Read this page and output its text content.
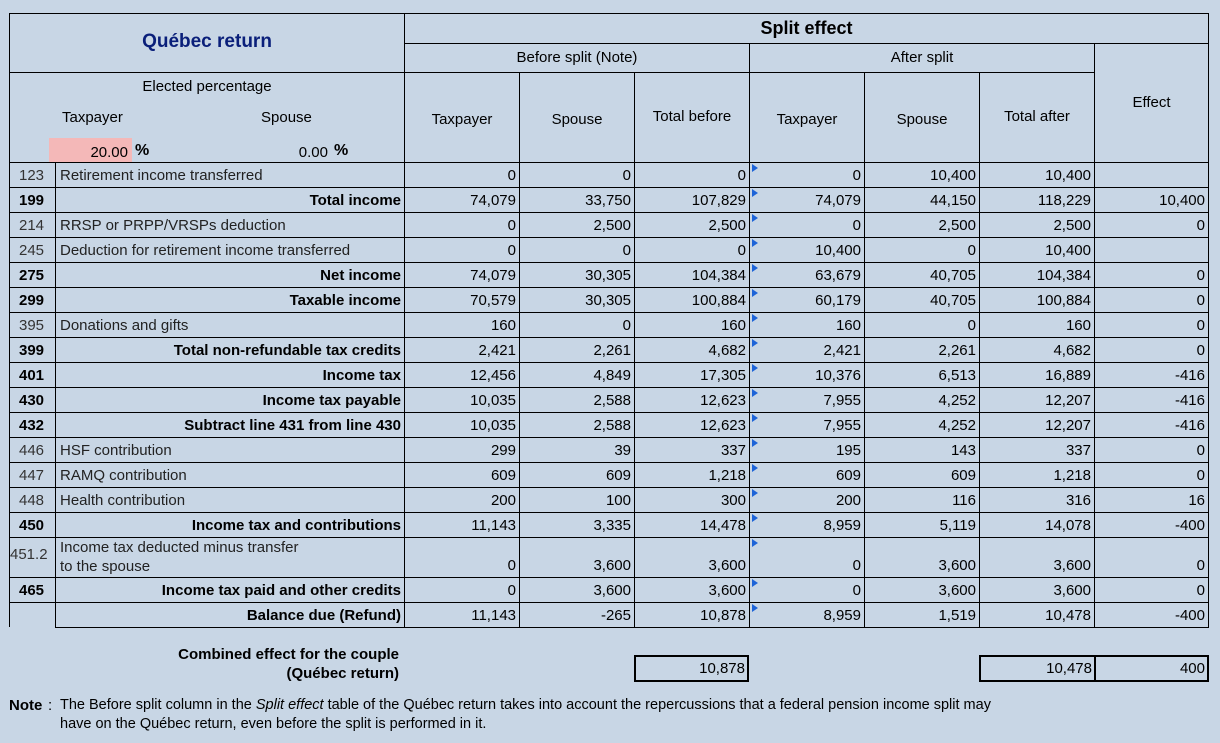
Québec return
Split effect
Before split (Note)	After split
Elected percentage
Taxpayer	Spouse
20.00 %	0.00 %
Taxpayer	Spouse	Total before	Taxpayer	Spouse	Total after
Effect
123 Retirement income transferred	0	0	0	0	10,400	10,400
199	Total income	74,079	33,750	107,829	74,079	44,150	118,229	10,400
214 RRSP or PRPP/VRSPs deduction	0	2,500	2,500	0	2,500	2,500	0
245 Deduction for retirement income transferred	0	0	0	10,400	0	10,400
275	Net income	74,079	30,305	104,384	63,679	40,705	104,384	0
299	Taxable income	70,579	30,305	100,884	60,179	40,705	100,884	0
395 Donations and gifts	160	0	160	160	0	160	0
399	Total non-refundable tax credits	2,421	2,261	4,682	2,421	2,261	4,682	0
401	Income tax	12,456	4,849	17,305	10,376	6,513	16,889	-416
430	Income tax payable	10,035	2,588	12,623	7,955	4,252	12,207	-416
432	Subtract line 431 from line 430	10,035	2,588	12,623	7,955	4,252	12,207	-416
446 HSF contribution	299	39	337	195	143	337	0
447 RAMQ contribution	609	609	1,218	609	609	1,218	0
448 Health contribution	200	100	300	200	116	316	16
450	Income tax and contributions	11,143	3,335	14,478	8,959	5,119	14,078	-400
451.2 Income tax deducted minus transfer
to the spouse	0	3,600	3,600	0	3,600	3,600	0
465	Income tax paid and other credits	0	3,600	3,600	0	3,600	3,600	0
Balance due (Refund)	11,143	-265	10,878	8,959	1,519	10,478	-400
Combined effect for the couple
(Québec return)	10,878	10,478	400
Note : The Before split column in the Split effect table of the Québec return takes into account the repercussions that a federal pension income split may
have on the Québec return, even before the split is performed in it.
